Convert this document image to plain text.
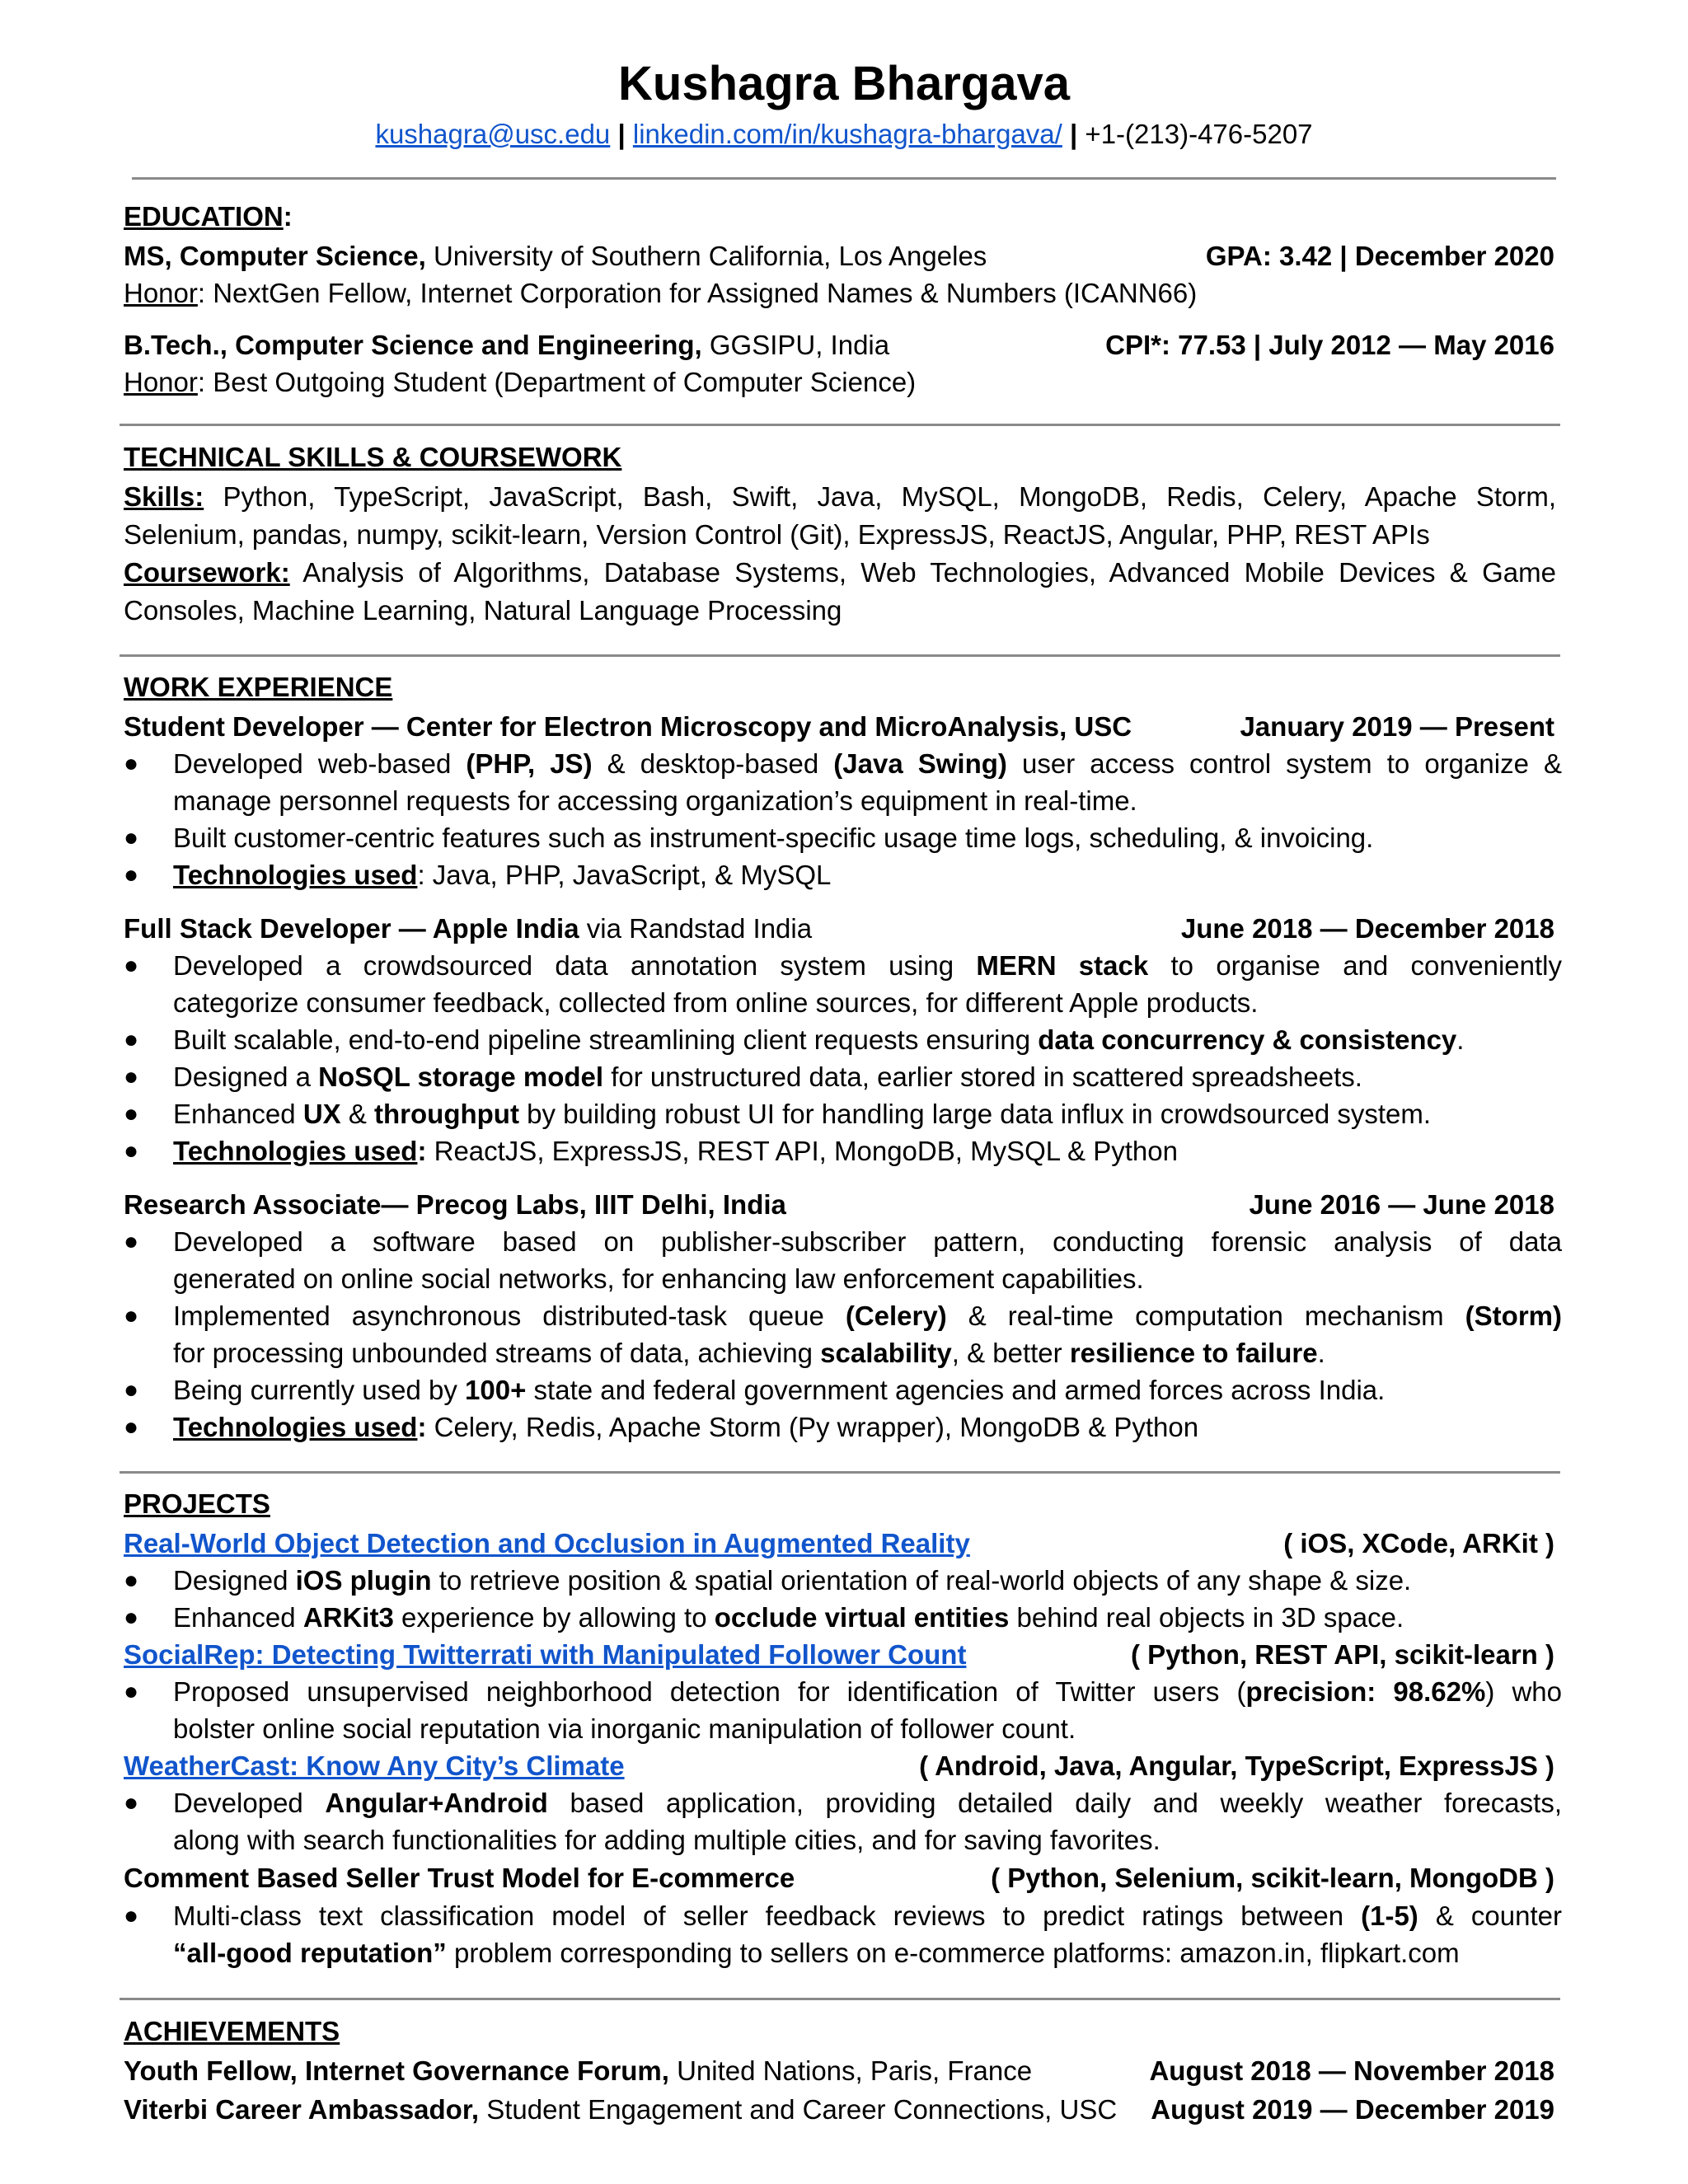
Kushagra Bhargava
kushagra@usc.edu | linkedin.com/in/kushagra-bhargava/ | +1-(213)-476-5207
EDUCATION:
MS, Computer Science, University of Southern California, Los Angeles	GPA: 3.42 | December 2020
Honor: NextGen Fellow, Internet Corporation for Assigned Names & Numbers (ICANN66)
B.Tech., Computer Science and Engineering, GGSIPU, India	CPI*: 77.53 | July 2012 — May 2016
Honor: Best Outgoing Student (Department of Computer Science)
TECHNICAL SKILLS & COURSEWORK
Skills: Python, TypeScript, JavaScript, Bash, Swift, Java, MySQL, MongoDB, Redis, Celery, Apache Storm,
Selenium, pandas, numpy, scikit-learn, Version Control (Git), ExpressJS, ReactJS, Angular, PHP, REST APIs
Coursework: Analysis of Algorithms, Database Systems, Web Technologies, Advanced Mobile Devices & Game
Consoles, Machine Learning, Natural Language Processing
WORK EXPERIENCE
Student Developer — Center for Electron Microscopy and MicroAnalysis, USC	January 2019 — Present
● Developed web-based (PHP, JS) & desktop-based (Java Swing) user access control system to organize &
manage personnel requests for accessing organization’s equipment in real-time.
● Built customer-centric features such as instrument-specific usage time logs, scheduling, & invoicing.
● Technologies used: Java, PHP, JavaScript, & MySQL
Full Stack Developer — Apple India via Randstad India	June 2018 — December 2018
● Developed a crowdsourced data annotation system using MERN stack to organise and conveniently
categorize consumer feedback, collected from online sources, for different Apple products.
● Built scalable, end-to-end pipeline streamlining client requests ensuring data concurrency & consistency.
● Designed a NoSQL storage model for unstructured data, earlier stored in scattered spreadsheets.
● Enhanced UX & throughput by building robust UI for handling large data influx in crowdsourced system.
● Technologies used: ReactJS, ExpressJS, REST API, MongoDB, MySQL & Python
Research Associate— Precog Labs, IIIT Delhi, India	June 2016 — June 2018
● Developed a software based on publisher-subscriber pattern, conducting forensic analysis of data
generated on online social networks, for enhancing law enforcement capabilities.
● Implemented asynchronous distributed-task queue (Celery) & real-time computation mechanism (Storm)
for processing unbounded streams of data, achieving scalability, & better resilience to failure.
● Being currently used by 100+ state and federal government agencies and armed forces across India.
● Technologies used: Celery, Redis, Apache Storm (Py wrapper), MongoDB & Python
PROJECTS
Real-World Object Detection and Occlusion in Augmented Reality	( iOS, XCode, ARKit )
● Designed iOS plugin to retrieve position & spatial orientation of real-world objects of any shape & size.
● Enhanced ARKit3 experience by allowing to occlude virtual entities behind real objects in 3D space.
SocialRep: Detecting Twitterrati with Manipulated Follower Count	( Python, REST API, scikit-learn )
● Proposed unsupervised neighborhood detection for identification of Twitter users (precision: 98.62%) who
bolster online social reputation via inorganic manipulation of follower count.
WeatherCast: Know Any City’s Climate	( Android, Java, Angular, TypeScript, ExpressJS )
● Developed Angular+Android based application, providing detailed daily and weekly weather forecasts,
along with search functionalities for adding multiple cities, and for saving favorites.
Comment Based Seller Trust Model for E-commerce	( Python, Selenium, scikit-learn, MongoDB )
● Multi-class text classification model of seller feedback reviews to predict ratings between (1-5) & counter
“all-good reputation” problem corresponding to sellers on e-commerce platforms: amazon.in, flipkart.com
ACHIEVEMENTS
Youth Fellow, Internet Governance Forum, United Nations, Paris, France	August 2018 — November 2018
Viterbi Career Ambassador, Student Engagement and Career Connections, USC August 2019 — December 2019
